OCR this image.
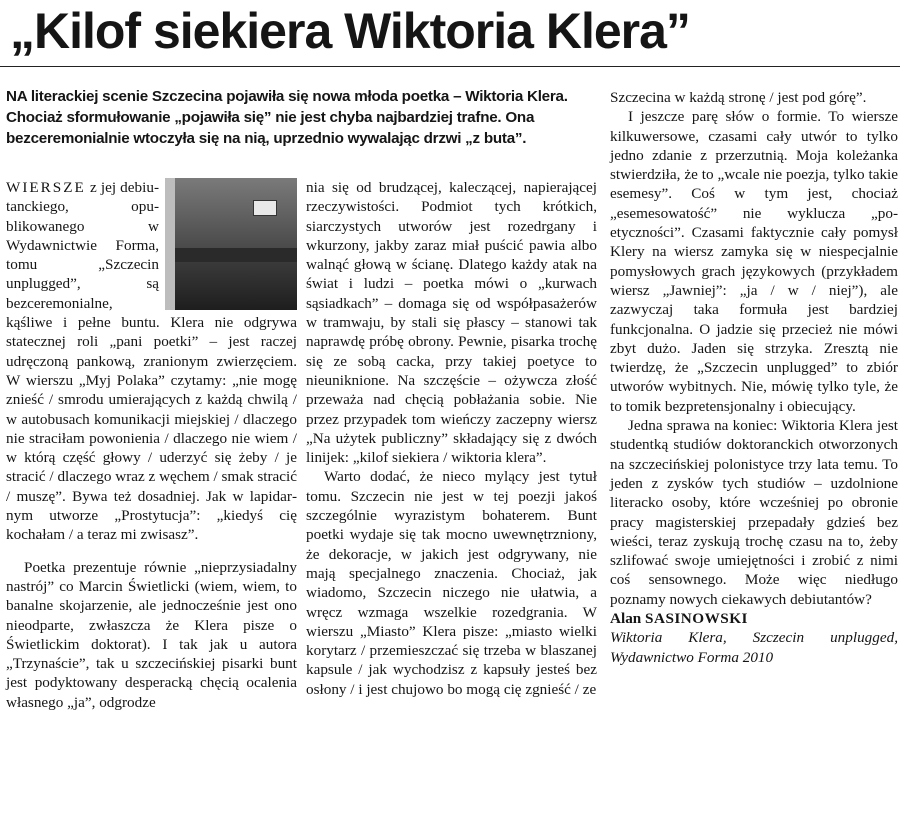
„Kilof siekiera Wiktoria Klera”

NA literackiej scenie Szczecina pojawiła się nowa młoda poetka – Wiktoria Klera. Chociaż sformułowanie „pojawiła się” nie jest chyba najbardziej trafne. Ona bezceremonialnie wtoczyła się na nią, uprzednio wywalając drzwi „z buta”.

WIERSZE z jej debiutanckiego, opublikowanego w Wydawnictwie Forma, tomu „Szczecin unplugged”, są bezceremonialne, kąśliwe i pełne buntu. Klera nie odgrywa statecznej roli „pani poetki” – jest raczej udręczoną pankową, zranionym zwierzęciem. W wierszu „Myj Polaka” czytamy: „nie mogę znieść / smrodu umierających z każdą chwilą / w autobusach komunikacji miejskiej / dlaczego nie straciłam powonienia / dlaczego nie wiem / w którą część głowy / uderzyć się żeby / je stracić / dlaczego wraz z węchem / smak stracić / muszę”. Bywa też dosadniej. Jak w lapidarnym utworze „Prostytucja”: „kiedyś cię kochałam / a teraz mi zwisasz”.

Poetka prezentuje równie „nieprzysiadalny nastrój” co Marcin Świetlicki (wiem, wiem, to banalne skojarzenie, ale jednocześnie jest ono nieodparte, zwłaszcza że Klera pisze o Świetlickim doktorat). I tak jak u autora „Trzynaście”, tak u szczecińskiej pisarki bunt jest podyktowany desperacką chęcią ocalenia własnego „ja”, odgrodze

nia się od brudzącej, kaleczącej, napierającej rzeczywistości. Podmiot tych krótkich, siarczystych utworów jest rozedrgany i wkurzony, jakby zaraz miał puścić pawia albo walnąć głową w ścianę. Dlatego każdy atak na świat i ludzi – poetka mówi o „kurwach sąsiadkach” – domaga się od współpasażerów w tramwaju, by stali się płascy – stanowi tak naprawdę próbę obrony. Pewnie, pisarka trochę się ze sobą cacka, przy takiej poetyce to nieuniknione. Na szczęście – ożywcza złość przeważa nad chęcią pobłażania sobie. Nie przez przypadek tom wieńczy zaczepny wiersz „Na użytek publiczny” składający się z dwóch linijek: „kilof siekiera / wiktoria klera”.

Warto dodać, że nieco mylący jest tytuł tomu. Szczecin nie jest w tej poezji jakoś szczególnie wyrazistym bohaterem. Bunt poetki wydaje się tak mocno uwewnętrzniony, że dekoracje, w jakich jest odgrywany, nie mają specjalnego znaczenia. Chociaż, jak wiadomo, Szczecin niczego nie ułatwia, a wręcz wzmaga wszelkie rozedgrania. W wierszu „Miasto” Klera pisze: „miasto wielki korytarz / przemieszczać się trzeba w blaszanej kapsule / jak wychodzisz z kapsuły jesteś bez osłony / i jest chujowo bo mogą cię zgnieść / ze

Szczecina w każdą stronę / jest pod górę”.

I jeszcze parę słów o formie. To wiersze kilkuwersowe, czasami cały utwór to tylko jedno zdanie z przerzutnią. Moja koleżanka stwierdziła, że to „wcale nie poezja, tylko takie esemesy”. Coś w tym jest, chociaż „esemesowatość” nie wyklucza „poetyczności”. Czasami faktycznie cały pomysł Klery na wiersz zamyka się w niespecjalnie pomysłowych grach językowych (przykładem wiersz „Jawniej”: „ja / w / niej”), ale zazwyczaj taka formuła jest bardziej funkcjonalna. O jadzie się przecież nie mówi zbyt dużo. Jaden się strzyka. Zresztą nie twierdzę, że „Szczecin unplugged” to zbiór utworów wybitnych. Nie, mówię tylko tyle, że to tomik bezpretensjonalny i obiecujący.

Jedna sprawa na koniec: Wiktoria Klera jest studentką studiów doktoranckich otworzonych na szczecińskiej polonistyce trzy lata temu. To jeden z zysków tych studiów – uzdolnione literacko osoby, które wcześniej po obronie pracy magisterskiej przepadały gdzieś bez wieści, teraz zyskują trochę czasu na to, żeby szlifować swoje umiejętności i zrobić z nimi coś sensownego. Może więc niedługo poznamy nowych ciekawych debiutantów?

Alan SASINOWSKI

Wiktoria Klera, Szczecin unplugged, Wydawnictwo Forma 2010
